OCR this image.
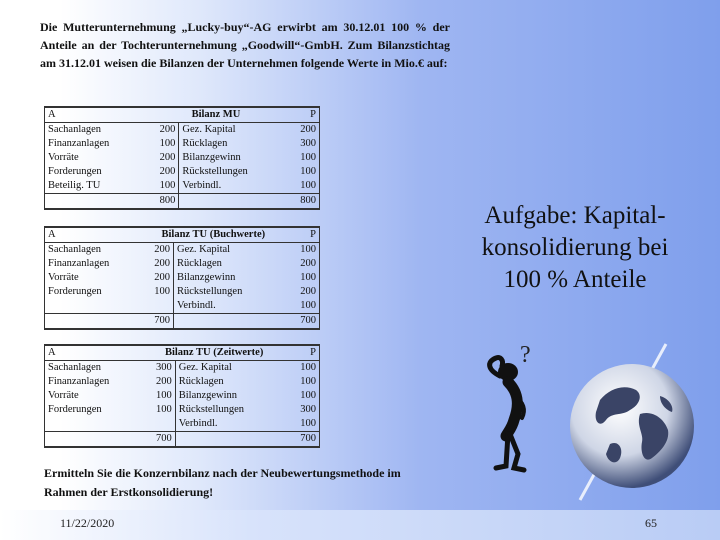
Die Mutterunternehmung „Lucky-buy“-AG erwirbt am 30.12.01 100 % der Anteile an der Tochterunternehmung „Goodwill“-GmbH. Zum Bilanzstichtag am 31.12.01 weisen die Bilanzen der Unternehmen folgende Werte in Mio.€ auf:

A	Bilanz MU		P
Sachanlagen	200	Gez. Kapital	200
Finanzanlagen	100	Rücklagen	300
Vorräte	200	Bilanzgewinn	100
Forderungen	200	Rückstellungen	100
Beteilig. TU	100	Verbindl.	100
	800		800
A	Bilanz TU (Buchwerte)		P
Sachanlagen	200	Gez. Kapital	100
Finanzanlagen	200	Rücklagen	200
Vorräte	200	Bilanzgewinn	100
Forderungen	100	Rückstellungen	200
		Verbindl.	100
	700		700
A	Bilanz TU (Zeitwerte)		P
Sachanlagen	300	Gez. Kapital	100
Finanzanlagen	200	Rücklagen	100
Vorräte	100	Bilanzgewinn	100
Forderungen	100	Rückstellungen	300
		Verbindl.	100
	700		700

Ermitteln Sie die Konzernbilanz nach der Neubewertungsmethode im Rahmen der Erstkonsolidierung!

Aufgabe: Kapital-
konsolidierung bei
100 % Anteile
?
11/22/2020	65
